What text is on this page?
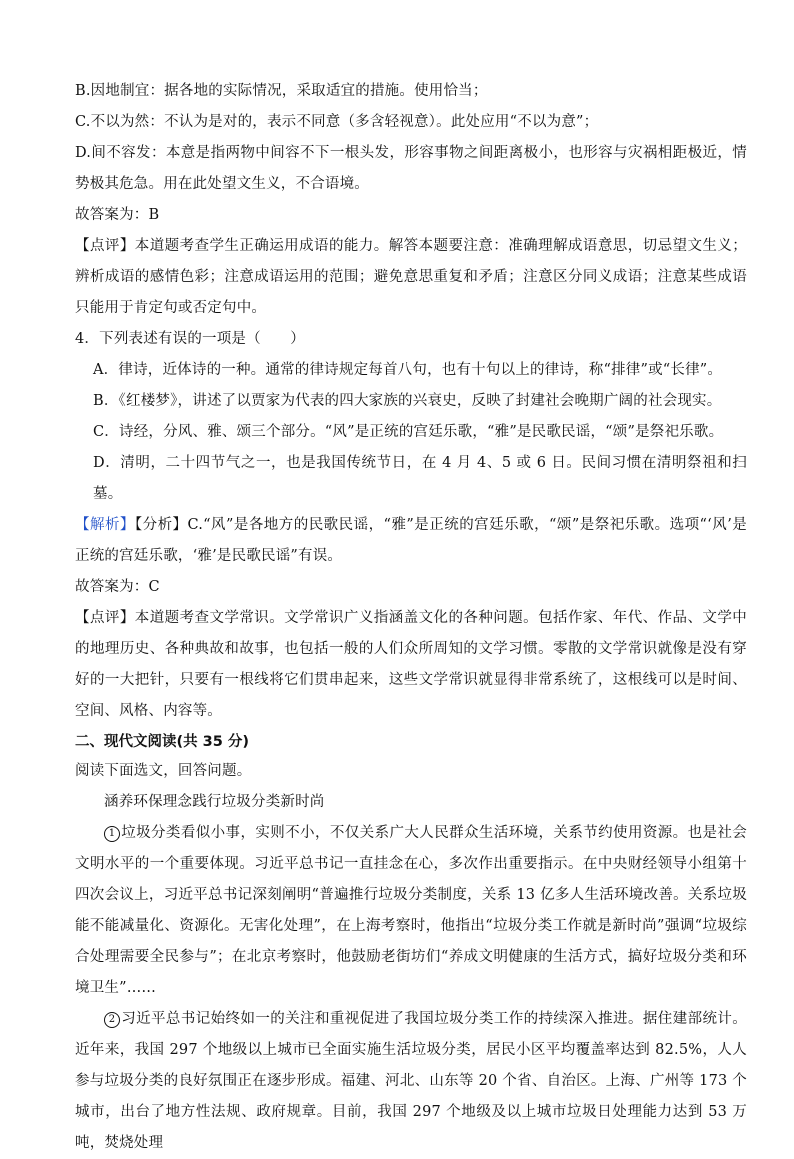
B.因地制宜：据各地的实际情况，采取适宜的措施。使用恰当；

C.不以为然：不认为是对的，表示不同意（多含轻视意）。此处应用“不以为意”；

D.间不容发：本意是指两物中间容不下一根头发，形容事物之间距离极小，也形容与灾祸相距极近，情势极其危急。用在此处望文生义，不合语境。

故答案为：B

【点评】本道题考查学生正确运用成语的能力。解答本题要注意：准确理解成语意思，切忌望文生义；辨析成语的感情色彩；注意成语运用的范围；避免意思重复和矛盾；注意区分同义成语；注意某些成语只能用于肯定句或否定句中。

4．下列表述有误的一项是（　　）

A．律诗，近体诗的一种。通常的律诗规定每首八句，也有十句以上的律诗，称“排律”或“长律”。

B．《红楼梦》，讲述了以贾家为代表的四大家族的兴衰史，反映了封建社会晚期广阔的社会现实。

C．诗经，分风、雅、颂三个部分。“风”是正统的宫廷乐歌，“雅”是民歌民谣，“颂”是祭祀乐歌。

D．清明，二十四节气之一，也是我国传统节日，在 4 月 4、5 或 6 日。民间习惯在清明祭祖和扫墓。

【解析】【分析】C.“风”是各地方的民歌民谣，“雅”是正统的宫廷乐歌，“颂”是祭祀乐歌。选项“‘风’是正统的宫廷乐歌，‘雅’是民歌民谣”有误。

故答案为：C

【点评】本道题考查文学常识。文学常识广义指涵盖文化的各种问题。包括作家、年代、作品、文学中的地理历史、各种典故和故事，也包括一般的人们众所周知的文学习惯。零散的文学常识就像是没有穿好的一大把针，只要有一根线将它们贯串起来，这些文学常识就显得非常系统了，这根线可以是时间、空间、风格、内容等。

二、现代文阅读(共 35 分)

阅读下面选文，回答问题。

涵养环保理念践行垃圾分类新时尚

1 垃圾分类看似小事，实则不小，不仅关系广大人民群众生活环境，关系节约使用资源。也是社会文明水平的一个重要体现。习近平总书记一直挂念在心，多次作出重要指示。在中央财经领导小组第十四次会议上，习近平总书记深刻阐明“普遍推行垃圾分类制度，关系 13 亿多人生活环境改善。关系垃圾能不能减量化、资源化。无害化处理”，在上海考察时，他指出“垃圾分类工作就是新时尚”强调“垃圾综合处理需要全民参与”；在北京考察时，他鼓励老街坊们“养成文明健康的生活方式，搞好垃圾分类和环境卫生”……

2 习近平总书记始终如一的关注和重视促进了我国垃圾分类工作的持续深入推进。据住建部统计。近年来，我国 297 个地级以上城市已全面实施生活垃圾分类，居民小区平均覆盖率达到 82.5%，人人参与垃圾分类的良好氛围正在逐步形成。福建、河北、山东等 20 个省、自治区。上海、广州等 173 个城市，出台了地方性法规、政府规章。目前，我国 297 个地级及以上城市垃圾日处理能力达到 53 万吨，焚烧处理
